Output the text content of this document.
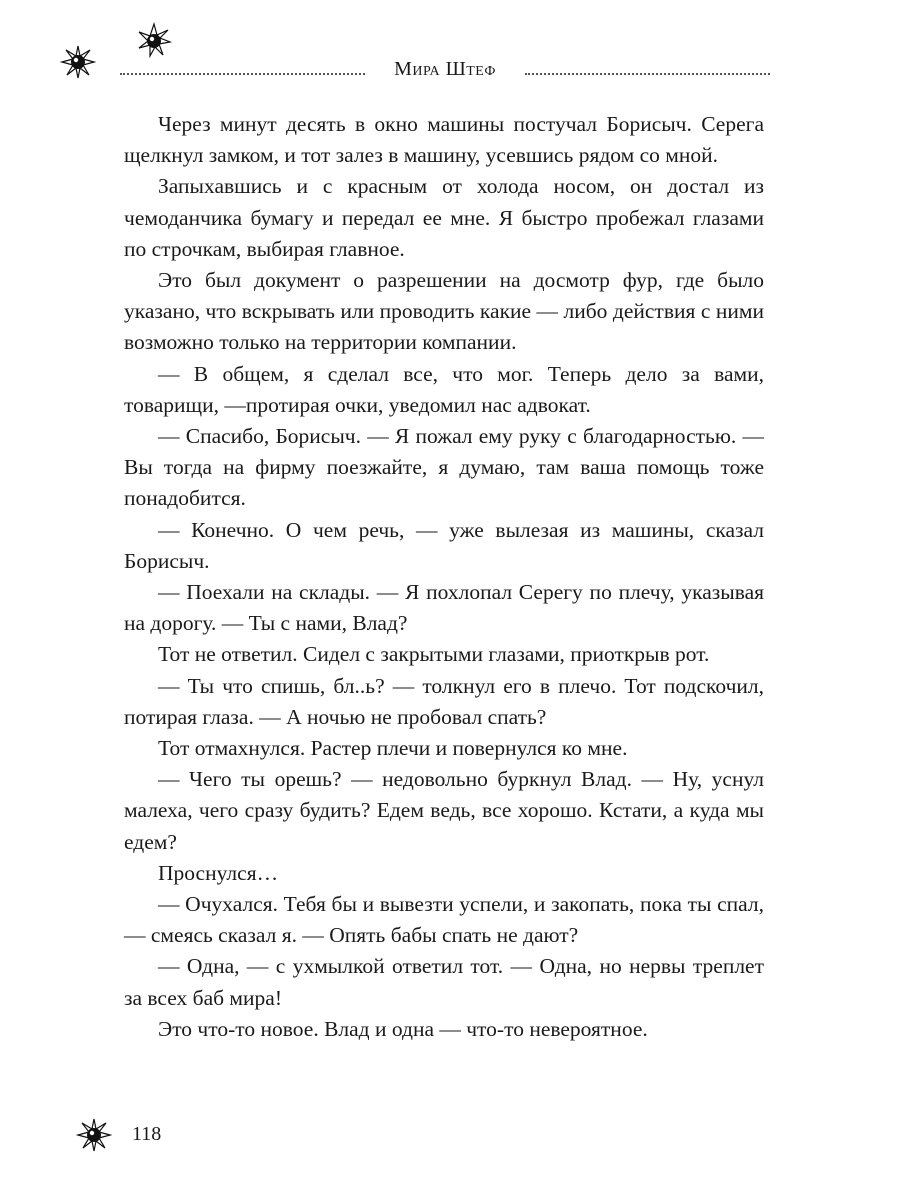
Мира Штеф

Через минут десять в окно машины постучал Борисыч. Серега щелкнул замком, и тот залез в машину, усевшись рядом со мной.

Запыхавшись и с красным от холода носом, он достал из чемоданчика бумагу и передал ее мне. Я быстро пробежал глазами по строчкам, выбирая главное.

Это был документ о разрешении на досмотр фур, где было указано, что вскрывать или проводить какие — либо действия с ними возможно только на территории компании.

— В общем, я сделал все, что мог. Теперь дело за вами, товарищи, —протирая очки, уведомил нас адвокат.

— Спасибо, Борисыч. — Я пожал ему руку с благодарностью. — Вы тогда на фирму поезжайте, я думаю, там ваша помощь тоже понадобится.

— Конечно. О чем речь, — уже вылезая из машины, сказал Борисыч.

— Поехали на склады. — Я похлопал Серегу по плечу, указывая на дорогу. — Ты с нами, Влад?

Тот не ответил. Сидел с закрытыми глазами, приоткрыв рот.

— Ты что спишь, бл..ь? — толкнул его в плечо. Тот подскочил, потирая глаза. — А ночью не пробовал спать?

Тот отмахнулся. Растер плечи и повернулся ко мне.

— Чего ты орешь? — недовольно буркнул Влад. — Ну, уснул малеха, чего сразу будить? Едем ведь, все хорошо. Кстати, а куда мы едем?

Проснулся…

— Очухался. Тебя бы и вывезти успели, и закопать, пока ты спал, — смеясь сказал я. — Опять бабы спать не дают?

— Одна, — с ухмылкой ответил тот. — Одна, но нервы треплет за всех баб мира!

Это что-то новое. Влад и одна — что-то невероятное.

118
